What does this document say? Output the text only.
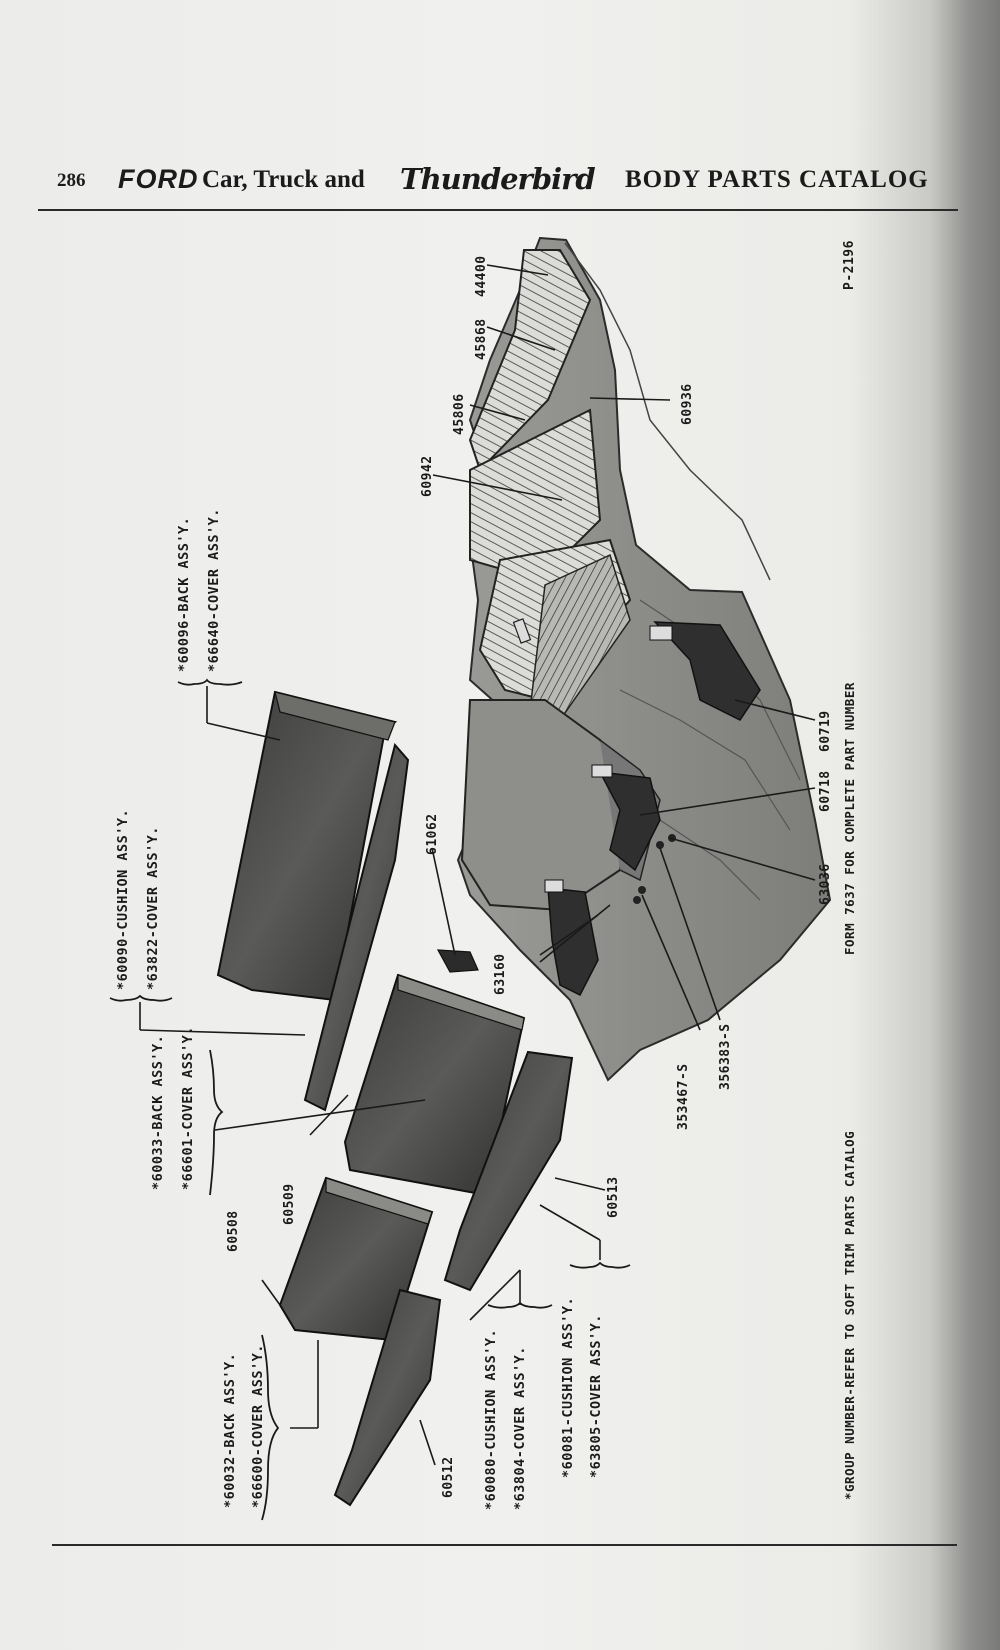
286 FORD Car, Truck and Thunderbird BODY PARTS CATALOG
44400
45868
45806	60936
60942
60719
60718
63036
63160
353467-S
356383-S
61062
60509
60508
60513
60512
*60096-BACK ASS'Y. *66640-COVER ASS'Y.
*60090-CUSHION ASS'Y. *63822-COVER ASS'Y.
*60033-BACK ASS'Y. *66601-COVER ASS'Y.
*60032-BACK ASS'Y. *66600-COVER ASS'Y.	*60080-CUSHION ASS'Y. *63804-COVER ASS'Y. *60081-CUSHION ASS'Y. *63805-COVER ASS'Y.
P-2196
*GROUP NUMBER-REFER TO SOFT TRIM PARTS CATALOG
FORM 7637 FOR COMPLETE PART NUMBER
